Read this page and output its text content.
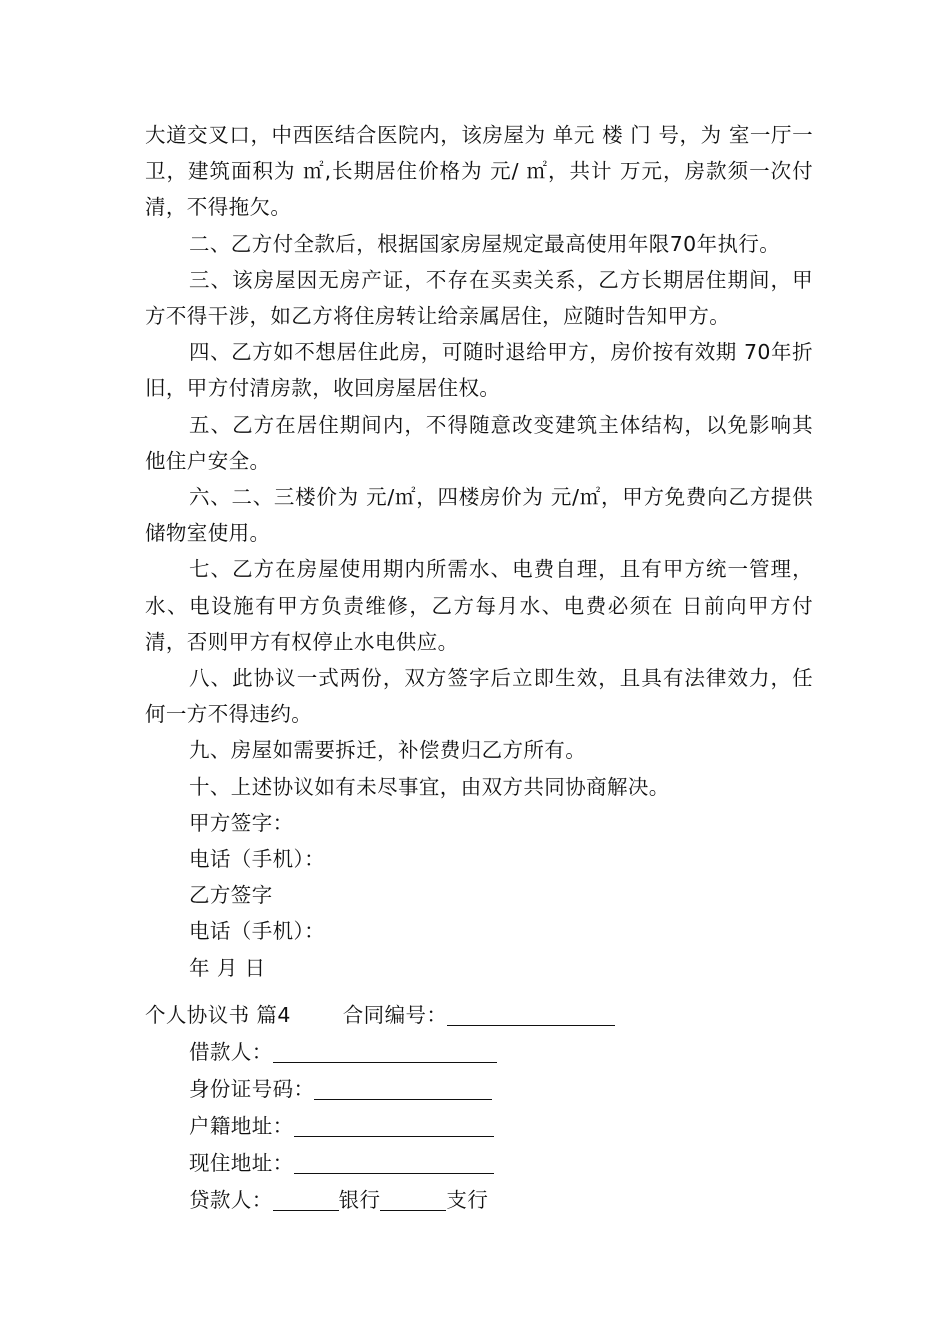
大道交叉口，中西医结合医院内，该房屋为 单元 楼 门 号，为 室一厅一卫，建筑面积为 ㎡,长期居住价格为 元/ ㎡，共计 万元，房款须一次付清，不得拖欠。

二、乙方付全款后，根据国家房屋规定最高使用年限70年执行。

三、该房屋因无房产证，不存在买卖关系，乙方长期居住期间，甲方不得干涉，如乙方将住房转让给亲属居住，应随时告知甲方。

四、乙方如不想居住此房，可随时退给甲方，房价按有效期 70年折旧，甲方付清房款，收回房屋居住权。

五、乙方在居住期间内，不得随意改变建筑主体结构，以免影响其他住户安全。

六、二、三楼价为 元/㎡，四楼房价为 元/㎡，甲方免费向乙方提供储物室使用。

七、乙方在房屋使用期内所需水、电费自理，且有甲方统一管理，水、电设施有甲方负责维修，乙方每月水、电费必须在 日前向甲方付清，否则甲方有权停止水电供应。

八、此协议一式两份，双方签字后立即生效，且具有法律效力，任何一方不得违约。

九、房屋如需要拆迁，补偿费归乙方所有。

十、上述协议如有未尽事宜，由双方共同协商解决。

甲方签字：

电话（手机）：

乙方签字

电话（手机）：

年 月 日

个人协议书 篇4	合同编号：

借款人：

身份证号码：

户籍地址：

现住地址：

贷款人：	银行	支行
